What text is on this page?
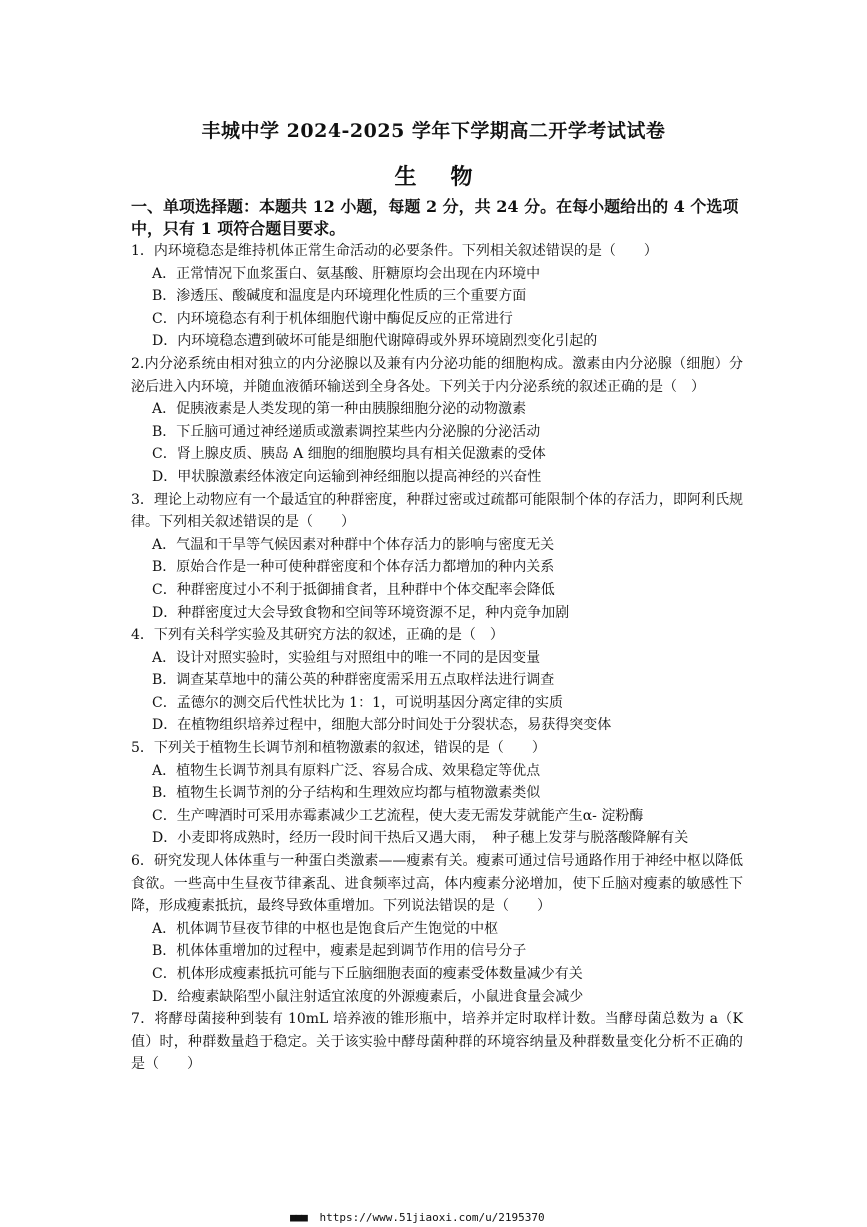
丰城中学 2024-2025 学年下学期高二开学考试试卷
生物
一、单项选择题：本题共 12 小题，每题 2 分，共 24 分。在每小题给出的 4 个选项中，只有 1 项符合题目要求。

1．内环境稳态是维持机体正常生命活动的必要条件。下列相关叙述错误的是（　　）

A．正常情况下血浆蛋白、氨基酸、肝糖原均会出现在内环境中

B．渗透压、酸碱度和温度是内环境理化性质的三个重要方面

C．内环境稳态有利于机体细胞代谢中酶促反应的正常进行

D．内环境稳态遭到破坏可能是细胞代谢障碍或外界环境剧烈变化引起的

2.内分泌系统由相对独立的内分泌腺以及兼有内分泌功能的细胞构成。激素由内分泌腺（细胞）分泌后进入内环境，并随血液循环输送到全身各处。下列关于内分泌系统的叙述正确的是（　）

A．促胰液素是人类发现的第一种由胰腺细胞分泌的动物激素

B．下丘脑可通过神经递质或激素调控某些内分泌腺的分泌活动

C．肾上腺皮质、胰岛 A 细胞的细胞膜均具有相关促激素的受体

D．甲状腺激素经体液定向运输到神经细胞以提高神经的兴奋性

3．理论上动物应有一个最适宜的种群密度，种群过密或过疏都可能限制个体的存活力，即阿利氏规律。下列相关叙述错误的是（　　）

A．气温和干旱等气候因素对种群中个体存活力的影响与密度无关

B．原始合作是一种可使种群密度和个体存活力都增加的种内关系

C．种群密度过小不利于抵御捕食者，且种群中个体交配率会降低

D．种群密度过大会导致食物和空间等环境资源不足，种内竞争加剧

4．下列有关科学实验及其研究方法的叙述，正确的是（　）

A．设计对照实验时，实验组与对照组中的唯一不同的是因变量

B．调查某草地中的蒲公英的种群密度需采用五点取样法进行调查

C．孟德尔的测交后代性状比为 1：1，可说明基因分离定律的实质

D．在植物组织培养过程中，细胞大部分时间处于分裂状态，易获得突变体

5．下列关于植物生长调节剂和植物激素的叙述，错误的是（　　）

A．植物生长调节剂具有原料广泛、容易合成、效果稳定等优点

B．植物生长调节剂的分子结构和生理效应均都与植物激素类似

C．生产啤酒时可采用赤霉素减少工艺流程，使大麦无需发芽就能产生α- 淀粉酶

D．小麦即将成熟时，经历一段时间干热后又遇大雨，　种子穗上发芽与脱落酸降解有关

6．研究发现人体体重与一种蛋白类激素——瘦素有关。瘦素可通过信号通路作用于神经中枢以降低食欲。一些高中生昼夜节律紊乱、进食频率过高，体内瘦素分泌增加，使下丘脑对瘦素的敏感性下降，形成瘦素抵抗，最终导致体重增加。下列说法错误的是（　　）

A．机体调节昼夜节律的中枢也是饱食后产生饱觉的中枢

B．机体体重增加的过程中，瘦素是起到调节作用的信号分子

C．机体形成瘦素抵抗可能与下丘脑细胞表面的瘦素受体数量减少有关

D．给瘦素缺陷型小鼠注射适宜浓度的外源瘦素后，小鼠进食量会减少

7．将酵母菌接种到装有 10mL 培养液的锥形瓶中，培养并定时取样计数。当酵母菌总数为 a（K 值）时，种群数量趋于稳定。关于该实验中酵母菌种群的环境容纳量及种群数量变化分析不正确的是（　　）

■■■ https://www.51jiaoxi.com/u/2195370
